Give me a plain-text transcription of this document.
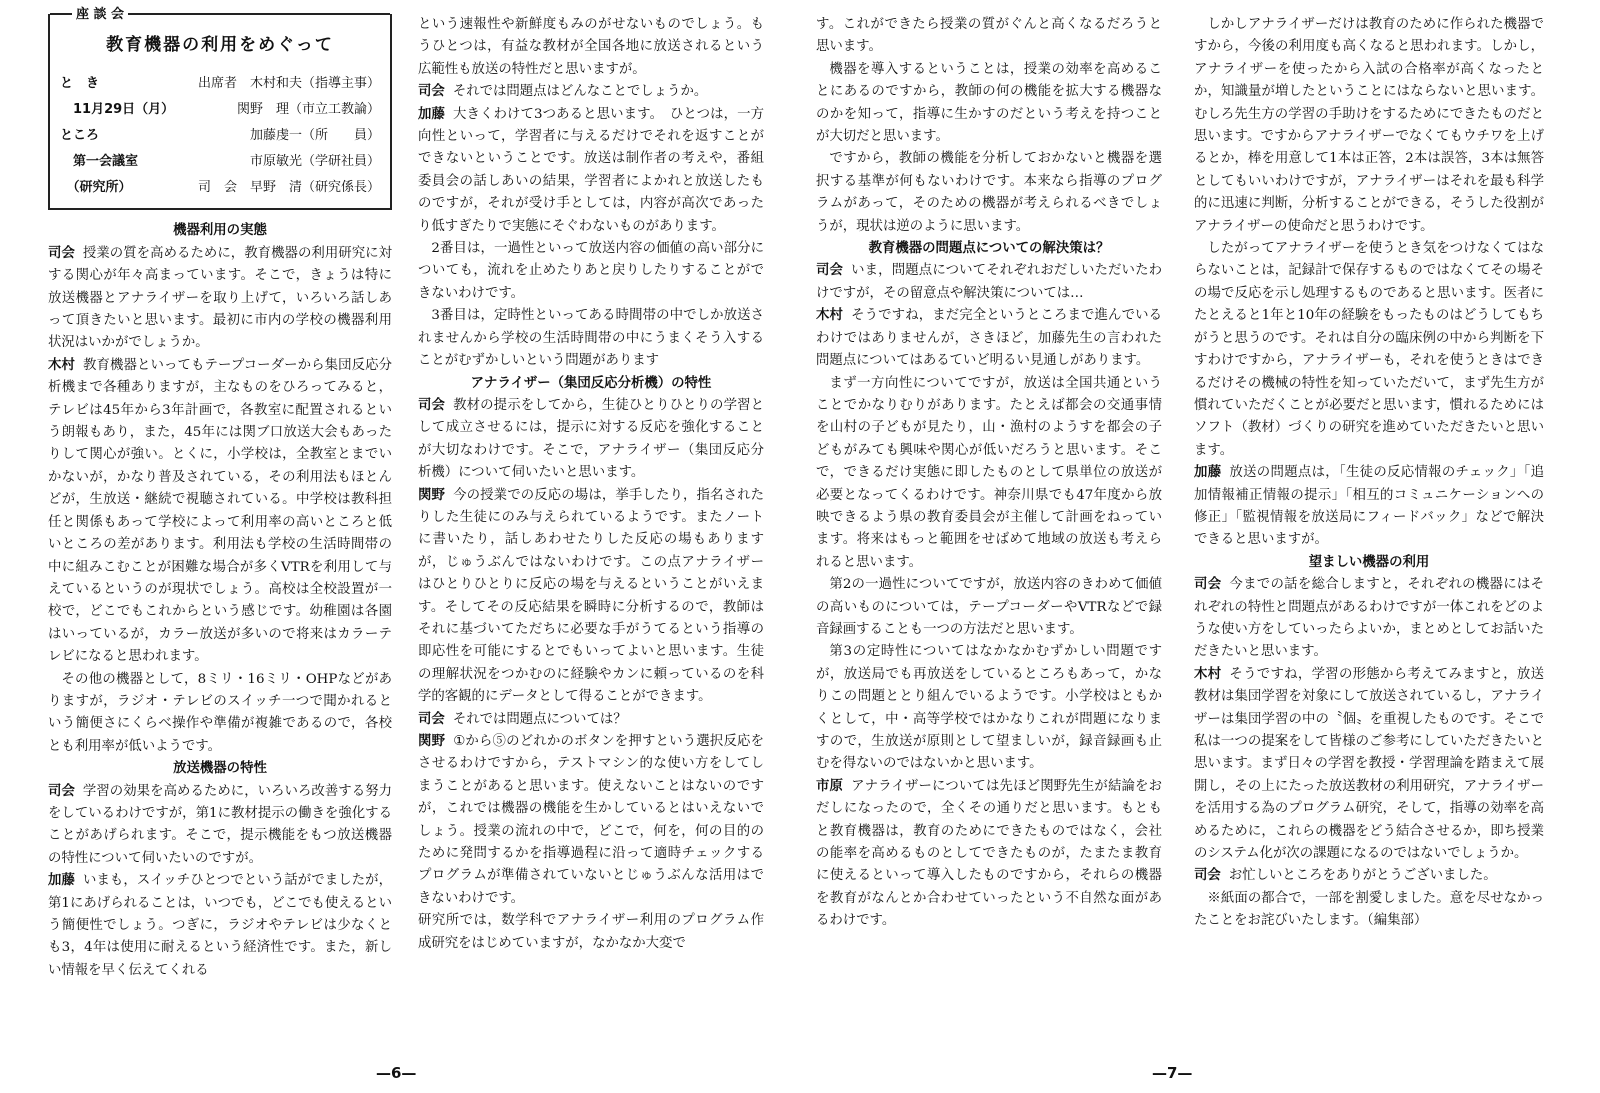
座 談 会
教育機器の利用をめぐって
と　き	出席者　木村和夫（指導主事）
　11月29日（月）	関野　理（市立工教論）
ところ	加藤虔一（所　　員）
　第一会議室	市原敏光（学研社員）
　（研究所）	司　会　早野　清（研究係長）

機器利用の実態

司会 授業の質を高めるために，教育機器の利用研究に対する関心が年々高まっています。そこで，きょうは特に放送機器とアナライザーを取り上げて，いろいろ話しあって頂きたいと思います。最初に市内の学校の機器利用状況はいかがでしょうか。

木村 教育機器といってもテープコーダーから集団反応分析機まで各種ありますが，主なものをひろってみると，テレビは45年から3年計画で，各教室に配置されるという朗報もあり，また，45年には関ブ口放送大会もあったりして関心が強い。とくに，小学校は，全教室とまでいかないが，かなり普及されている，その利用法もほとんどが，生放送・継続で視聴されている。中学校は教科担任と関係もあって学校によって利用率の高いところと低いところの差があります。利用法も学校の生活時間帯の中に組みこむことが困難な場合が多くVTRを利用して与えているというのが現状でしょう。高校は全校設置が一校で，どこでもこれからという感じです。幼稚園は各園はいっているが，カラー放送が多いので将来はカラーテレビになると思われます。

その他の機器として，8ミリ・16ミリ・OHPなどがありますが，ラジオ・テレビのスイッチ一つで聞かれるという簡便さにくらべ操作や準備が複雑であるので，各校とも利用率が低いようです。

放送機器の特性

司会 学習の効果を高めるために，いろいろ改善する努力をしているわけですが，第1に教材提示の働きを強化することがあげられます。そこで，提示機能をもつ放送機器の特性について伺いたいのですが。

加藤 いまも，スイッチひとつでという話がでましたが，第1にあげられることは，いつでも，どこでも使えるという簡便性でしょう。つぎに，ラジオやテレビは少なくとも3，4年は使用に耐えるという経済性です。また，新しい情報を早く伝えてくれる

という速報性や新鮮度もみのがせないものでしょう。もうひとつは，有益な教材が全国各地に放送されるという広範性も放送の特性だと思いますが。

司会 それでは問題点はどんなことでしょうか。

加藤 大きくわけて3つあると思います。　ひとつは，一方向性といって，学習者に与えるだけでそれを返すことができないということです。放送は制作者の考えや，番組委員会の話しあいの結果，学習者によかれと放送したものですが，それが受け手としては，内容が高次であったり低すぎたりで実態にそぐわないものがあります。

2番目は，一過性といって放送内容の価値の高い部分についても，流れを止めたりあと戻りしたりすることができないわけです。

3番目は，定時性といってある時間帯の中でしか放送されませんから学校の生活時間帯の中にうまくそう入することがむずかしいという問題があります

アナライザー（集団反応分析機）の特性

司会 教材の提示をしてから，生徒ひとりひとりの学習として成立させるには，提示に対する反応を強化することが大切なわけです。そこで，アナライザー（集団反応分析機）について伺いたいと思います。

関野 今の授業での反応の場は，挙手したり，指名されたりした生徒にのみ与えられているようです。またノートに書いたり，話しあわせたりした反応の場もありますが，じゅうぶんではないわけです。この点アナライザーはひとりひとりに反応の場を与えるということがいえます。そしてその反応結果を瞬時に分析するので，教師はそれに基づいてただちに必要な手がうてるという指導の即応性を可能にするとでもいってよいと思います。生徒の理解状況をつかむのに経験やカンに頼っているのを科学的客観的にデータとして得ることができます。

司会 それでは問題点については？

関野 ①から⑤のどれかのボタンを押すという選択反応をさせるわけですから，テストマシン的な使い方をしてしまうことがあると思います。使えないことはないのですが，これでは機器の機能を生かしているとはいえないでしょう。授業の流れの中で，どこで，何を，何の目的のために発問するかを指導過程に沿って適時チェックするプログラムが準備されていないとじゅうぶんな活用はできないわけです。

研究所では，数学科でアナライザー利用のプログラム作成研究をはじめていますが，なかなか大変で

す。これができたら授業の質がぐんと高くなるだろうと思います。

機器を導入するということは，授業の効率を高めることにあるのですから，教師の何の機能を拡大する機器なのかを知って，指導に生かすのだという考えを持つことが大切だと思います。

ですから，教師の機能を分析しておかないと機器を選択する基準が何もないわけです。本来なら指導のプログラムがあって，そのための機器が考えられるべきでしょうが，現状は逆のように思います。

教育機器の問題点についての解決策は？

司会 いま，問題点についてそれぞれおだしいただいたわけですが，その留意点や解決策については…

木村 そうですね，まだ完全というところまで進んでいるわけではありませんが，さきほど，加藤先生の言われた問題点についてはあるていど明るい見通しがあります。

まず一方向性についてですが，放送は全国共通ということでかなりむりがあります。たとえば都会の交通事情を山村の子どもが見たり，山・漁村のようすを都会の子どもがみても興味や関心が低いだろうと思います。そこで，できるだけ実態に即したものとして県単位の放送が必要となってくるわけです。神奈川県でも47年度から放映できるよう県の教育委員会が主催して計画をねっています。将来はもっと範囲をせばめて地域の放送も考えられると思います。

第2の一過性についてですが，放送内容のきわめて価値の高いものについては，テープコーダーやVTRなどで録音録画することも一つの方法だと思います。

第3の定時性についてはなかなかむずかしい問題ですが，放送局でも再放送をしているところもあって，かなりこの問題ととり組んでいるようです。小学校はともかくとして，中・高等学校ではかなりこれが問題になりますので，生放送が原則として望ましいが，録音録画も止むを得ないのではないかと思います。

市原 アナライザーについては先ほど関野先生が結論をおだしになったので，全くその通りだと思います。もともと教育機器は，教育のためにできたものではなく，会社の能率を高めるものとしてできたものが，たまたま教育に使えるといって導入したものですから，それらの機器を教育がなんとか合わせていったという不自然な面があるわけです。

しかしアナライザーだけは教育のために作られた機器ですから，今後の利用度も高くなると思われます。しかし，アナライザーを使ったから入試の合格率が高くなったとか，知識量が増したということにはならないと思います。むしろ先生方の学習の手助けをするためにできたものだと思います。ですからアナライザーでなくてもウチワを上げるとか，棒を用意して1本は正答，2本は誤答，3本は無答としてもいいわけですが，アナライザーはそれを最も科学的に迅速に判断，分析することができる，そうした役割がアナライザーの使命だと思うわけです。

したがってアナライザーを使うとき気をつけなくてはならないことは，記録計で保存するものではなくてその場その場で反応を示し処理するものであると思います。医者にたとえると1年と10年の経験をもったものはどうしてもちがうと思うのです。それは自分の臨床例の中から判断を下すわけですから，アナライザーも，それを使うときはできるだけその機械の特性を知っていただいて，まず先生方が慣れていただくことが必要だと思います，慣れるためにはソフト（教材）づくりの研究を進めていただきたいと思います。

加藤 放送の問題点は，「生徒の反応情報のチェック」「追加情報補正情報の提示」「相互的コミュニケーションへの修正」「監視情報を放送局にフィードバック」などで解決できると思いますが。

望ましい機器の利用

司会 今までの話を総合しますと，それぞれの機器にはそれぞれの特性と問題点があるわけですが一体これをどのような使い方をしていったらよいか，まとめとしてお話いただきたいと思います。

木村 そうですね，学習の形態から考えてみますと，放送教材は集団学習を対象にして放送されているし，アナライザーは集団学習の中の〝個〟を重視したものです。そこで私は一つの提案をして皆様のご参考にしていただきたいと思います。まず日々の学習を教授・学習理論を踏まえて展開し，その上にたった放送教材の利用研究，アナライザーを活用する為のプログラム研究，そして，指導の効率を高めるために，これらの機器をどう結合させるか，即ち授業のシステム化が次の課題になるのではないでしょうか。

司会 お忙しいところをありがとうございました。

※紙面の都合で，一部を割愛しました。意を尽せなかったことをお詫びいたします。（編集部）

—6—	—7—
